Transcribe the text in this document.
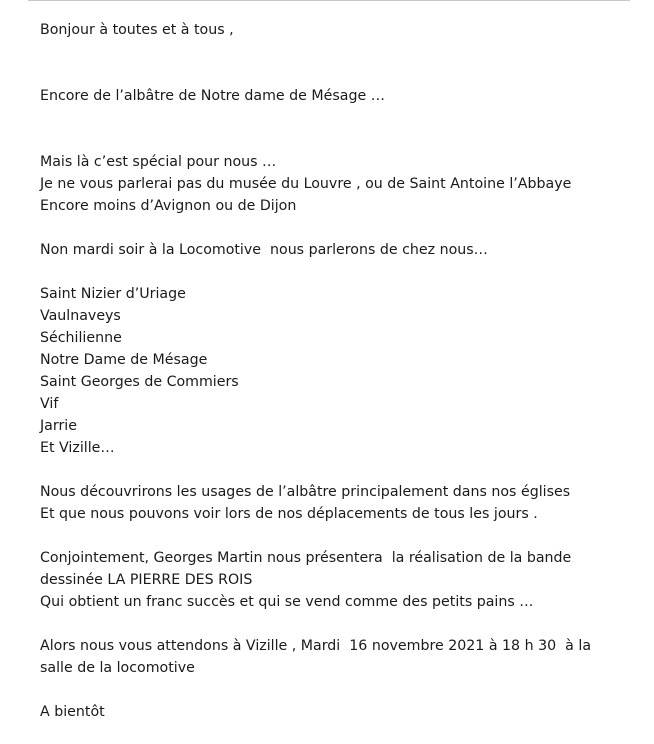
Bonjour à toutes et à tous ,
Encore de l’albâtre de Notre dame de Mésage …
Mais là c’est spécial pour nous …
Je ne vous parlerai pas du musée du Louvre , ou de Saint Antoine l’Abbaye
Encore moins d’Avignon ou de Dijon
Non mardi soir à la Locomotive  nous parlerons de chez nous…
Saint Nizier d’Uriage
Vaulnaveys
Séchilienne
Notre Dame de Mésage
Saint Georges de Commiers
Vif
Jarrie
Et Vizille…
Nous découvrirons les usages de l’albâtre principalement dans nos églises
Et que nous pouvons voir lors de nos déplacements de tous les jours .
Conjointement, Georges Martin nous présentera  la réalisation de la bande
dessinée LA PIERRE DES ROIS
Qui obtient un franc succès et qui se vend comme des petits pains …
Alors nous vous attendons à Vizille , Mardi  16 novembre 2021 à 18 h 30  à la
salle de la locomotive
A bientôt
